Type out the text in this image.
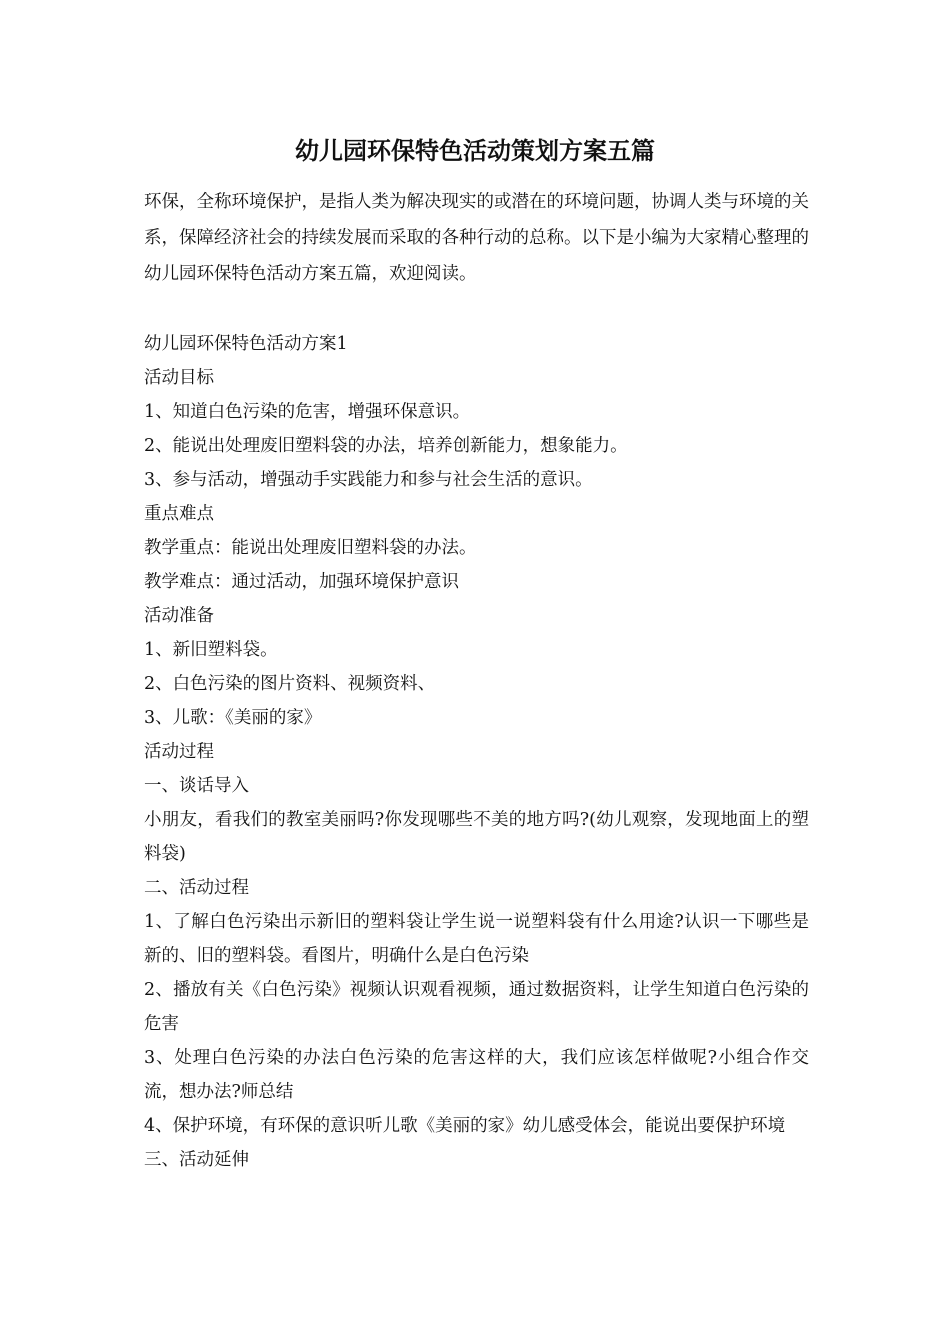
幼儿园环保特色活动策划方案五篇
环保，全称环境保护，是指人类为解决现实的或潜在的环境问题，协调人类与环境的关系，保障经济社会的持续发展而采取的各种行动的总称。以下是小编为大家精心整理的幼儿园环保特色活动方案五篇，欢迎阅读。
幼儿园环保特色活动方案1
活动目标
1、知道白色污染的危害，增强环保意识。
2、能说出处理废旧塑料袋的办法，培养创新能力，想象能力。
3、参与活动，增强动手实践能力和参与社会生活的意识。
重点难点
教学重点：能说出处理废旧塑料袋的办法。
教学难点：通过活动，加强环境保护意识
活动准备
1、新旧塑料袋。
2、白色污染的图片资料、视频资料、
3、儿歌：《美丽的家》
活动过程
一、谈话导入
小朋友，看我们的教室美丽吗?你发现哪些不美的地方吗?(幼儿观察，发现地面上的塑料袋)
二、活动过程
1、了解白色污染出示新旧的塑料袋让学生说一说塑料袋有什么用途?认识一下哪些是新的、旧的塑料袋。看图片，明确什么是白色污染
2、播放有关《白色污染》视频认识观看视频，通过数据资料，让学生知道白色污染的危害
3、处理白色污染的办法白色污染的危害这样的大，我们应该怎样做呢?小组合作交流，想办法?师总结
4、保护环境，有环保的意识听儿歌《美丽的家》幼儿感受体会，能说出要保护环境
三、活动延伸
